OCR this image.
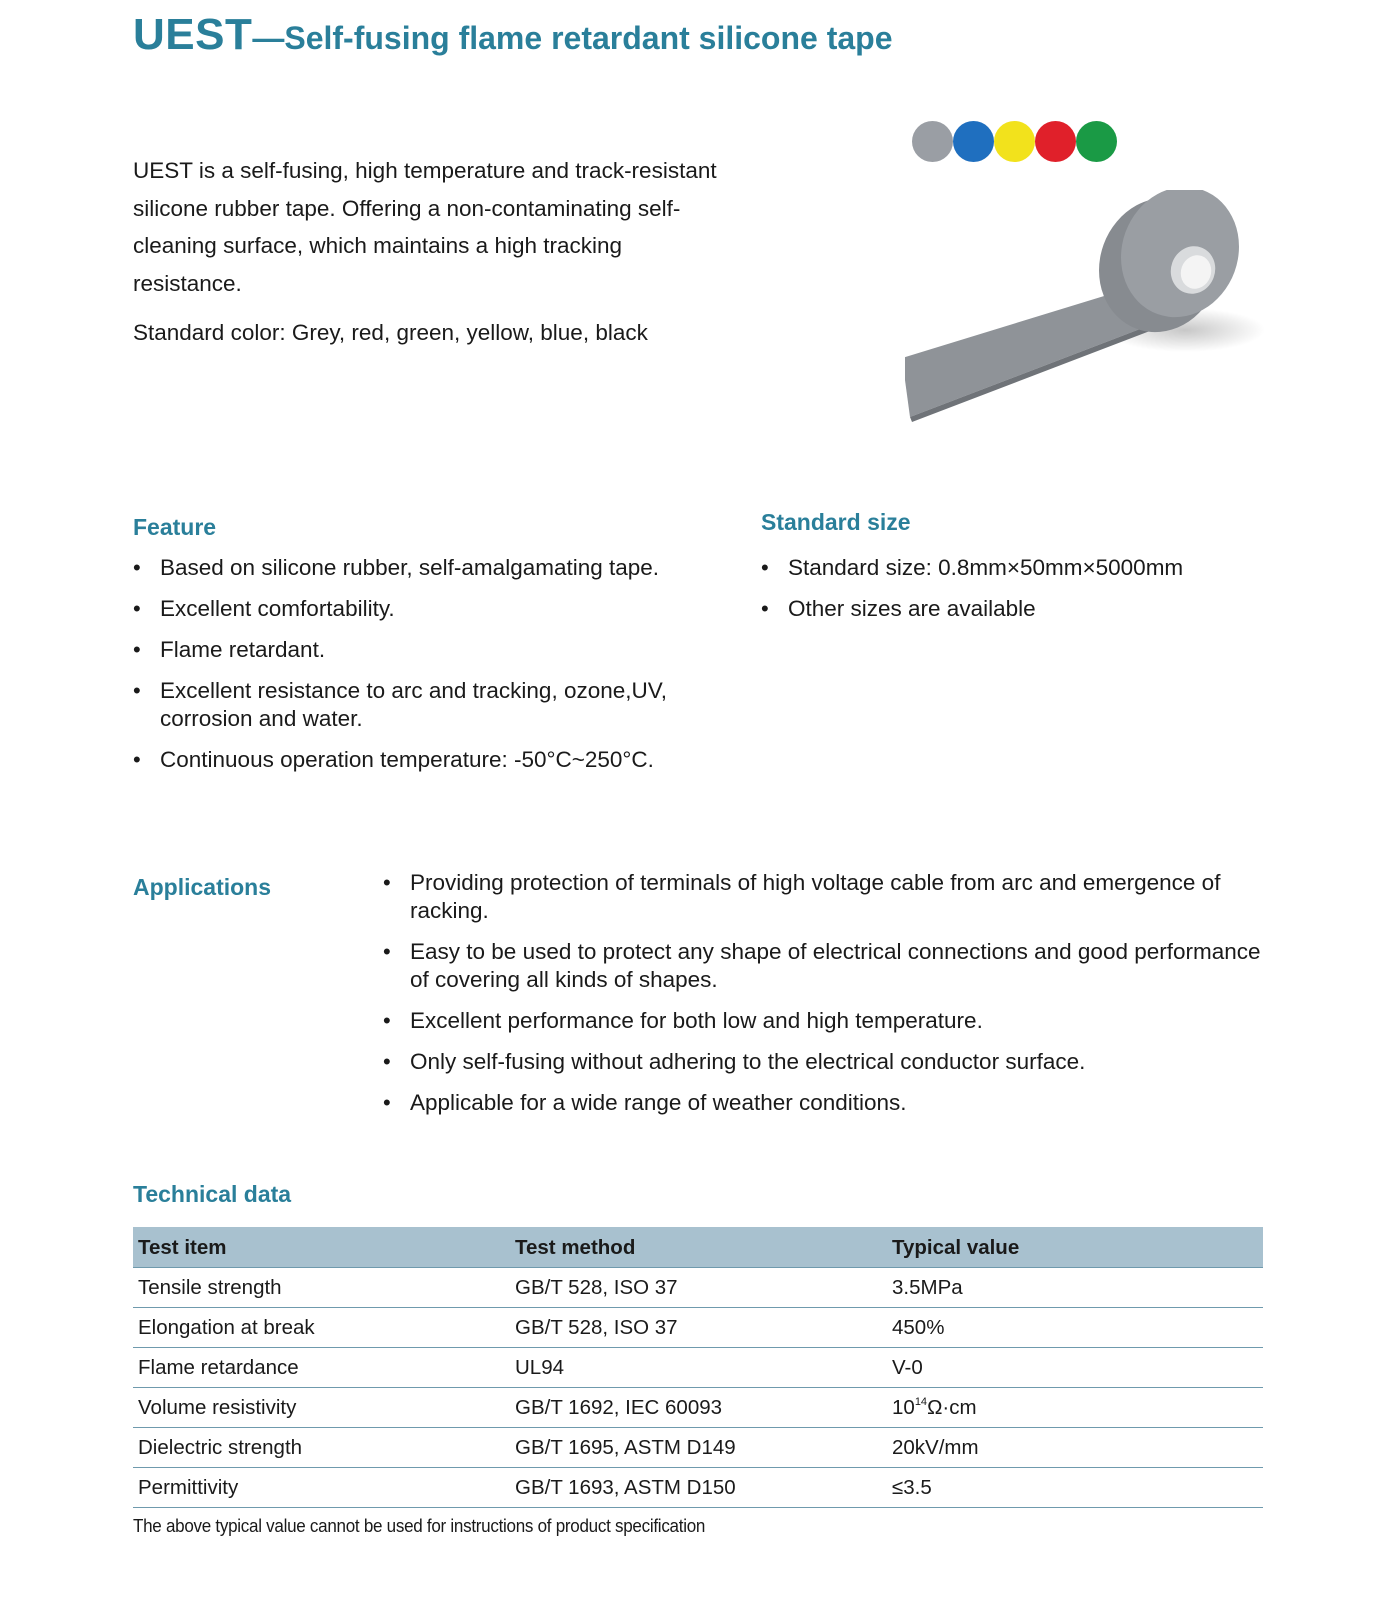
UEST—Self-fusing flame retardant silicone tape

UEST is a self-fusing, high temperature and track-resistant silicone rubber tape. Offering a non-contaminating self-cleaning surface, which maintains a high tracking resistance.

Standard color: Grey, red, green, yellow, blue, black

Feature
• Based on silicone rubber, self-amalgamating tape.
• Excellent comfortability.
• Flame retardant.
• Excellent resistance to arc and tracking, ozone,UV, corrosion and water.
• Continuous operation temperature: -50°C~250°C.
Standard size
• Standard size: 0.8mm×50mm×5000mm
• Other sizes are available
Applications	• Providing protection of terminals of high voltage cable from arc and emergence of racking.
• Easy to be used to protect any shape of electrical connections and good performance of covering all kinds of shapes.
• Excellent performance for both low and high temperature.
• Only self-fusing without adhering to the electrical conductor surface.
• Applicable for a wide range of weather conditions.
Technical data
Test item	Test method	Typical value
Tensile strength	GB/T 528, ISO 37	3.5MPa
Elongation at break	GB/T 528, ISO 37	450%
Flame retardance	UL94	V-0
Volume resistivity	GB/T 1692, IEC 60093	$10^{14}\Omega\cdot cm$
Dielectric strength	GB/T 1695, ASTM D149	20kV/mm
Permittivity	GB/T 1693, ASTM D150	≤3.5
The above typical value cannot be used for instructions of product specification
